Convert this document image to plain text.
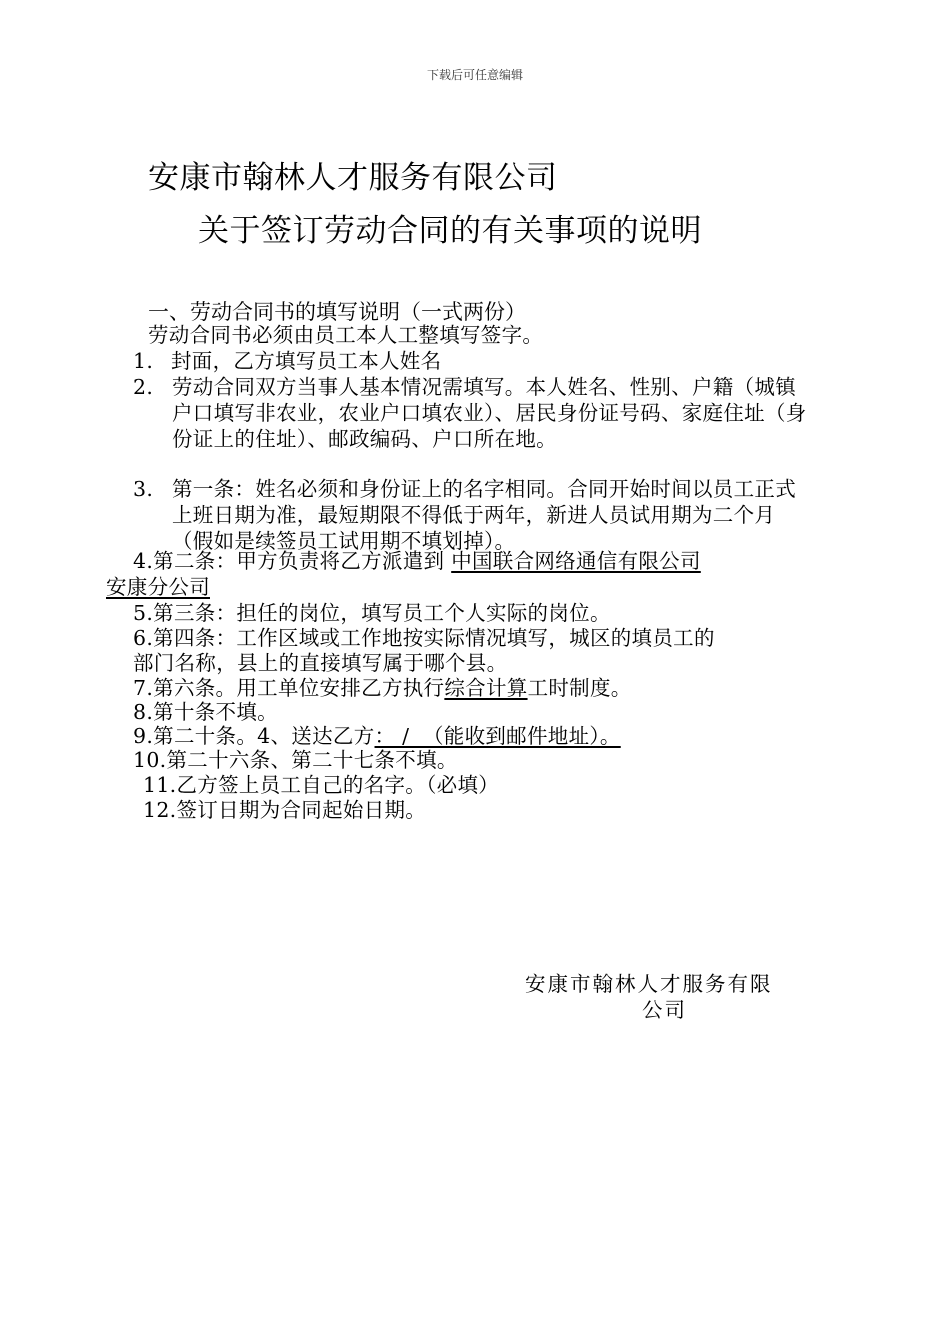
下载后可任意编辑
安康市翰林人才服务有限公司
关于签订劳动合同的有关事项的说明
一、劳动合同书的填写说明（一式两份）
劳动合同书必须由员工本人工整填写签字。
1. 封面，乙方填写员工本人姓名
2. 劳动合同双方当事人基本情况需填写。本人姓名、性别、户籍（城镇户口填写非农业，农业户口填农业）、居民身份证号码、家庭住址（身份证上的住址）、邮政编码、户口所在地。
3. 第一条：姓名必须和身份证上的名字相同。合同开始时间以员工正式上班日期为准，最短期限不得低于两年，新进人员试用期为二个月（假如是续签员工试用期不填划掉）。
4.第二条：甲方负责将乙方派遣到 中国联合网络通信有限公司
安康分公司
5.第三条：担任的岗位，填写员工个人实际的岗位。
6.第四条：工作区域或工作地按实际情况填写，城区的填员工的
部门名称，县上的直接填写属于哪个县。
7.第六条。用工单位安排乙方执行综合计算工时制度。
8.第十条不填。
9.第二十条。4、送达乙方： /  （能收到邮件地址）。
10.第二十六条、第二十七条不填。
11.乙方签上员工自己的名字。（必填）
12.签订日期为合同起始日期。
安康市翰林人才服务有限
公司
